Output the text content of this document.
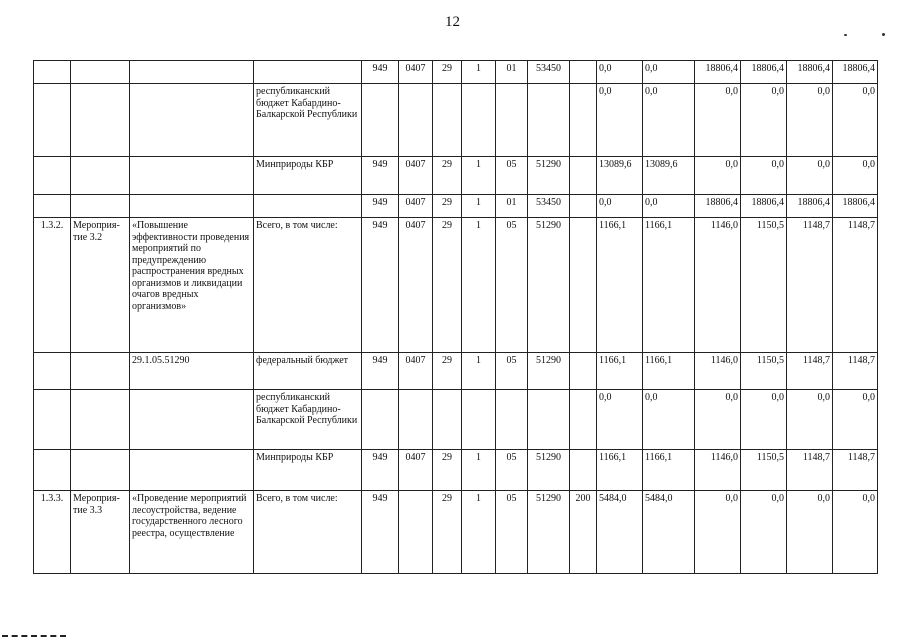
12
				949	0407	29	1	01	53450		0,0	0,0	18806,4	18806,4	18806,4	18806,4
			республиканский бюджет Кабардино-Балкарской Республики								0,0	0,0	0,0	0,0	0,0	0,0
			Минприроды КБР	949	0407	29	1	05	51290		13089,6	13089,6	0,0	0,0	0,0	0,0
				949	0407	29	1	01	53450		0,0	0,0	18806,4	18806,4	18806,4	18806,4
1.3.2.	Мероприя-тие 3.2	«Повышение эффективности проведения мероприятий по предупреждению распространения вредных организмов и ликвидации очагов вредных организмов»	Всего, в том числе:	949	0407	29	1	05	51290		1166,1	1166,1	1146,0	1150,5	1148,7	1148,7
		29.1.05.51290	федеральный бюджет	949	0407	29	1	05	51290		1166,1	1166,1	1146,0	1150,5	1148,7	1148,7
			республиканский бюджет Кабардино-Балкарской Республики								0,0	0,0	0,0	0,0	0,0	0,0
			Минприроды КБР	949	0407	29	1	05	51290		1166,1	1166,1	1146,0	1150,5	1148,7	1148,7
1.3.3.	Мероприя-тие 3.3	«Проведение мероприятий лесоустройства, ведение государственного лесного реестра, осуществление	Всего, в том числе:	949		29	1	05	51290	200	5484,0	5484,0	0,0	0,0	0,0	0,0
